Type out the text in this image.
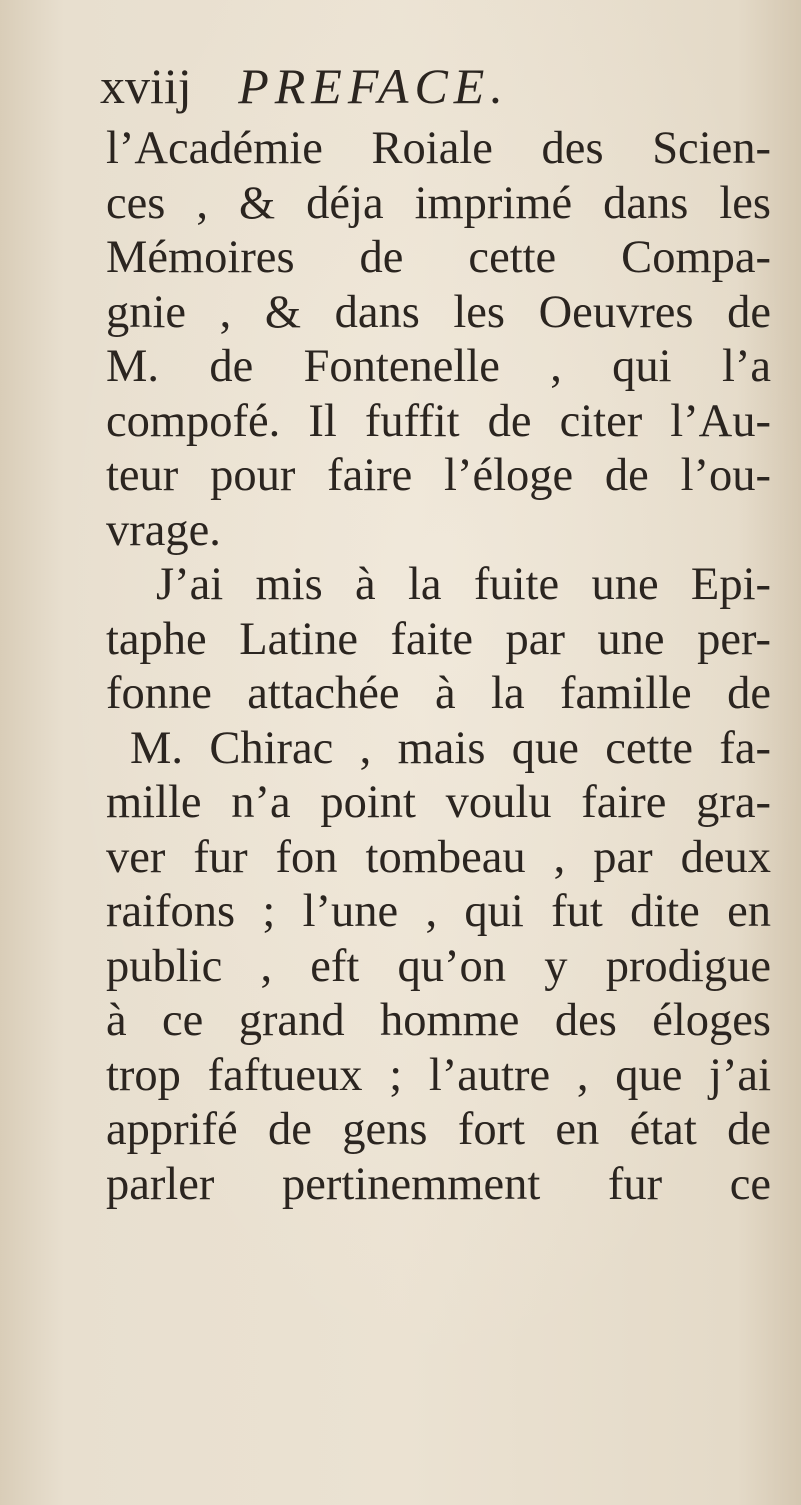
xviij PREFACE.
l’Académie Roiale des Scien-
ces , & déja imprimé dans les
Mémoires de cette Compa-
gnie , & dans les Oeuvres de
M. de Fontenelle , qui l’a
compofé. Il fuffit de citer l’Au-
teur pour faire l’éloge de l’ou-
vrage.
J’ai mis à la fuite une Epi-
taphe Latine faite par une per-
fonne attachée à la famille de
M. Chirac , mais que cette fa-
mille n’a point voulu faire gra-
ver fur fon tombeau , par deux
raifons ; l’une , qui fut dite en
public , eft qu’on y prodigue
à ce grand homme des éloges
trop faftueux ; l’autre , que j’ai
apprifé de gens fort en état de
parler pertinemment fur ce
